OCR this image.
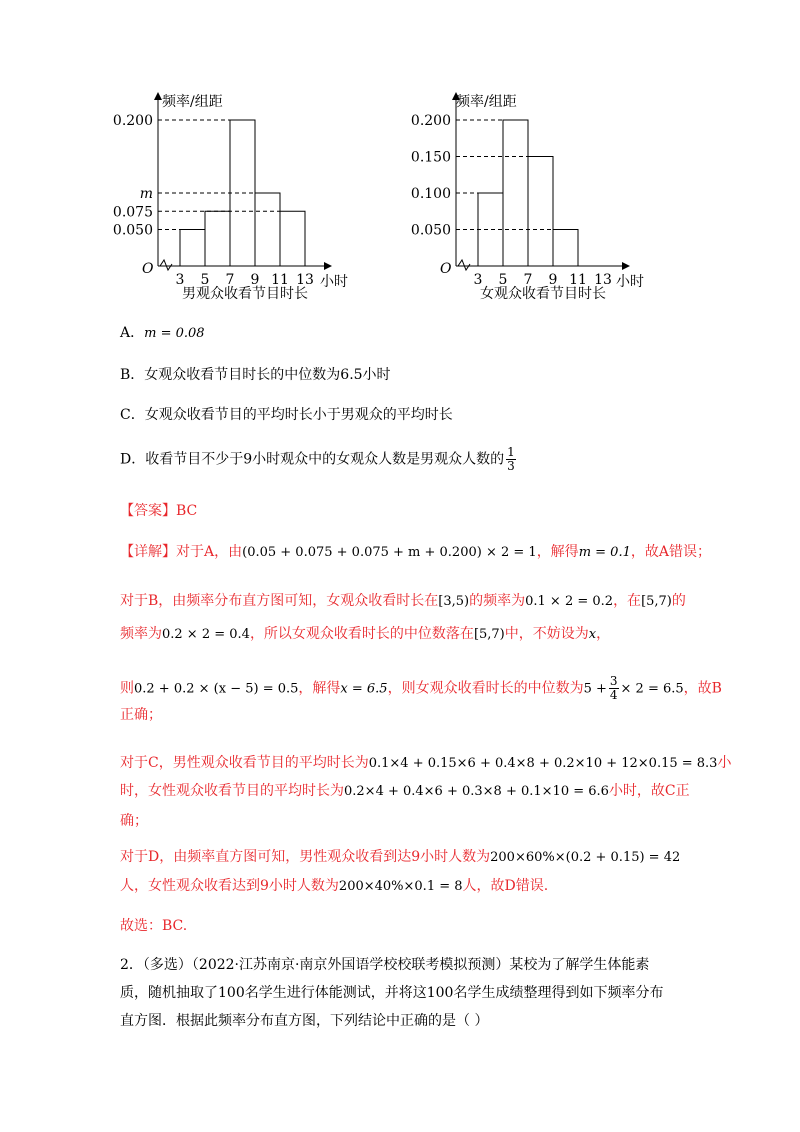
频率/组距
O
小时
男观众收看节目时长
0.050
0.075
m
0.200
3 5 7 9 11 13
频率/组距
O
小时
女观众收看节目时长
0.050
0.100
0.150
0.200
3 5 7 9 11 13
A．m = 0.08
B．女观众收看节目时长的中位数为6.5小时
C．女观众收看节目的平均时长小于男观众的平均时长
D．收看节目不少于9小时观众中的女观众人数是男观众人数的 $\frac{1}{3}$
【答案】BC
【详解】对于A，由(0.05 + 0.075 + 0.075 + m + 0.200) × 2 = 1，解得m = 0.1，故A错误；
对于B，由频率分布直方图可知，女观众收看时长在[3,5)的频率为0.1 × 2 = 0.2，在[5,7)的
频率为0.2 × 2 = 0.4，所以女观众收看时长的中位数落在[5,7)中，不妨设为x，
则0.2 + 0.2 × (x − 5) = 0.5，解得x = 6.5，则女观众收看时长的中位数为$5 + \frac{3}{4} \times 2 = 6.5$，故B
正确；
对于C，男性观众收看节目的平均时长为0.1×4 + 0.15×6 + 0.4×8 + 0.2×10 + 12×0.15 = 8.3小
时，女性观众收看节目的平均时长为0.2×4 + 0.4×6 + 0.3×8 + 0.1×10 = 6.6小时，故C正
确；
对于D，由频率直方图可知，男性观众收看到达9小时人数为200×60%×(0.2 + 0.15) = 42
人，女性观众收看达到9小时人数为200×40%×0.1 = 8人，故D错误.
故选：BC.
2．（多选）（2022·江苏南京·南京外国语学校校联考模拟预测）某校为了解学生体能素
质，随机抽取了100名学生进行体能测试，并将这100名学生成绩整理得到如下频率分布
直方图．根据此频率分布直方图，下列结论中正确的是（ ）
